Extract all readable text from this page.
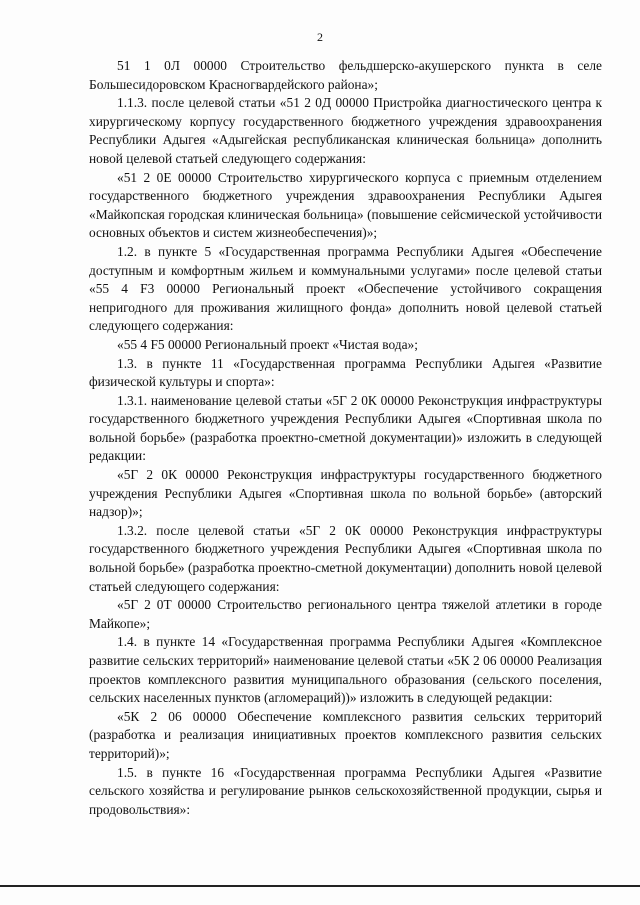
2

51 1 0Л 00000 Строительство фельдшерско-акушерского пункта в селе Большесидоровском Красногвардейского района»;

1.1.3. после целевой статьи «51 2 0Д 00000 Пристройка диагностического центра к хирургическому корпусу государственного бюджетного учреждения здравоохранения Республики Адыгея «Адыгейская республиканская клиническая больница» дополнить новой целевой статьей следующего содержания:

«51 2 0Е 00000 Строительство хирургического корпуса с приемным отделением государственного бюджетного учреждения здравоохранения Республики Адыгея «Майкопская городская клиническая больница» (повышение сейсмической устойчивости основных объектов и систем жизнеобеспечения)»;

1.2. в пункте 5 «Государственная программа Республики Адыгея «Обеспечение доступным и комфортным жильем и коммунальными услугами» после целевой статьи «55 4 F3 00000 Региональный проект «Обеспечение устойчивого сокращения непригодного для проживания жилищного фонда» дополнить новой целевой статьей следующего содержания:

«55 4 F5 00000 Региональный проект «Чистая вода»;

1.3. в пункте 11 «Государственная программа Республики Адыгея «Развитие физической культуры и спорта»:

1.3.1. наименование целевой статьи «5Г 2 0К 00000 Реконструкция инфраструктуры государственного бюджетного учреждения Республики Адыгея «Спортивная школа по вольной борьбе» (разработка проектно-сметной документации)» изложить в следующей редакции:

«5Г 2 0К 00000 Реконструкция инфраструктуры государственного бюджетного учреждения Республики Адыгея «Спортивная школа по вольной борьбе» (авторский надзор)»;

1.3.2. после целевой статьи «5Г 2 0К 00000 Реконструкция инфраструктуры государственного бюджетного учреждения Республики Адыгея «Спортивная школа по вольной борьбе» (разработка проектно-сметной документации) дополнить новой целевой статьей следующего содержания:

«5Г 2 0Т 00000 Строительство регионального центра тяжелой атлетики в городе Майкопе»;

1.4. в пункте 14 «Государственная программа Республики Адыгея «Комплексное развитие сельских территорий» наименование целевой статьи «5К 2 06 00000 Реализация проектов комплексного развития муниципального образования (сельского поселения, сельских населенных пунктов (агломераций))» изложить в следующей редакции:

«5К 2 06 00000 Обеспечение комплексного развития сельских территорий (разработка и реализация инициативных проектов комплексного развития сельских территорий)»;

1.5. в пункте 16 «Государственная программа Республики Адыгея «Развитие сельского хозяйства и регулирование рынков сельскохозяйственной продукции, сырья и продовольствия»:
